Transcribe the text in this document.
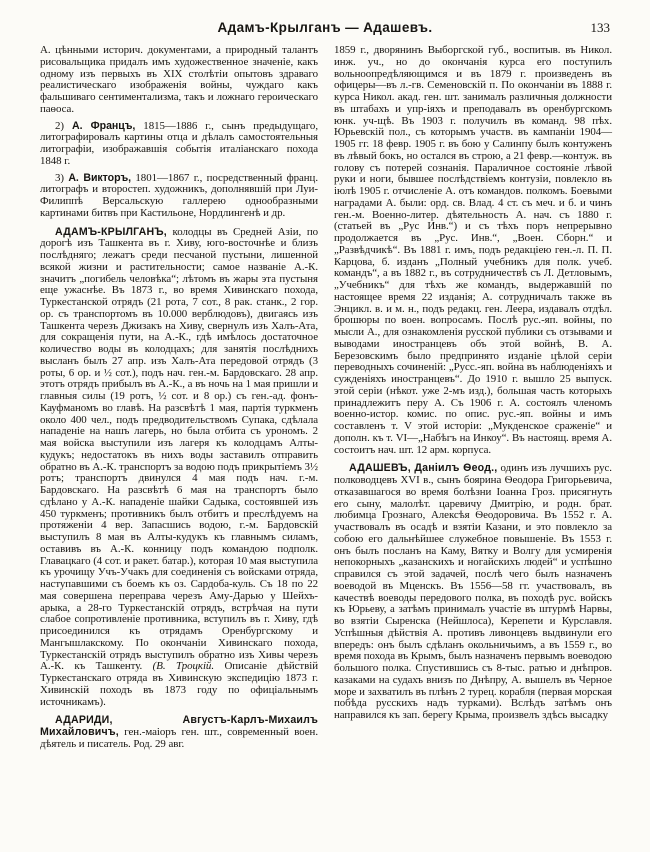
Адамъ-Крылганъ — Адашевъ.	133

А. цѣнными историч. документами, а природный талантъ рисовальщика придалъ имъ художественное значеніе, какъ одному изъ первыхъ въ XIX столѣтіи опытовъ здраваго реалистическаго изображенія войны, чуждаго какъ фальшиваго сентиментализма, такъ и ложнаго героическаго паѳоса.

2) А. Францъ, 1815—1886 г., сынъ предыдущаго, литографировалъ картины отца и дѣлалъ самостоятельныя литографіи, изображавшія событія италіанскаго похода 1848 г.

3) А. Викторъ, 1801—1867 г., посредственный франц. литографъ и второстеп. художникъ, дополнявшій при Луи-Филиппѣ Версальскую галлерею однообразными картинами битвъ при Кастильоне, Нордлингенѣ и др.

АДАМЪ-КРЫЛГАНЪ, колодцы въ Средней Азіи, по дорогѣ изъ Ташкента въ г. Хиву, юго-восточнѣе и близъ послѣдняго; лежатъ среди песчаной пустыни, лишенной всякой жизни и растительности; самое названіе А.-К. значитъ „погибель человѣка“; лѣтомъ въ жары эта пустыня еще ужаснѣе. Въ 1873 г., во время Хивинскаго похода, Туркестанской отрядъ (21 рота, 7 сот., 8 рак. станк., 2 гор. ор. съ транспортомъ въ 10.000 верблюдовъ), двигаясь изъ Ташкента черезъ Джизакъ на Хиву, свернулъ изъ Халъ-Ата, для сокращенія пути, на А.-К., гдѣ имѣлось достаточное количество воды въ колодцахъ; для занятія послѣднихъ высланъ былъ 27 апр. изъ Халъ-Ата передовой отрядъ (3 роты, 6 ор. и ½ сот.), подъ нач. ген.-м. Бардовскаго. 28 апр. этотъ отрядъ прибылъ въ А.-К., а въ ночь на 1 мая пришли и главныя силы (19 ротъ, ½ сот. и 8 ор.) съ ген.-ад. фонъ-Кауфманомъ во главѣ. На разсвѣтѣ 1 мая, партія туркменъ около 400 чел., подъ предводительствомъ Супака, сдѣлала нападеніе на нашъ лагерь, но была отбита съ урономъ. 2 мая войска выступили изъ лагеря къ колодцамъ Алты-кудукъ; недостатокъ въ нихъ воды заставилъ отправить обратно въ А.-К. транспортъ за водою подъ прикрытіемъ 3½ ротъ; транспортъ двинулся 4 мая подъ нач. г.-м. Бардовскаго. На разсвѣтѣ 6 мая на транспортъ было сдѣлано у А.-К. нападеніе шайки Садыка, состоявшей изъ 450 туркменъ; противникъ былъ отбитъ и преслѣдуемъ на протяженіи 4 вер. Запасшись водою, г.-м. Бардовскій выступилъ 8 мая въ Алты-кудукъ къ главнымъ силамъ, оставивъ въ А.-К. конницу подъ командою подполк. Главацкаго (4 сот. и ракет. батар.), которая 10 мая выступила къ урочищу Учъ-Учакъ для соединенія съ войсками отряда, наступавшими съ боемъ къ оз. Сардоба-куль. Съ 18 по 22 мая совершена переправа черезъ Аму-Дарью у Шейхъ-арыка, а 28-го Туркестанскій отрядъ, встрѣчая на пути слабое сопротивленіе противника, вступилъ въ г. Хиву, гдѣ присоединился къ отрядамъ Оренбургскому и Мангышлакскому. По окончаніи Хивинскаго похода, Туркестанскій отрядъ выступилъ обратно изъ Хивы черезъ А.-К. къ Ташкенту. (В. Троцкій. Описаніе дѣйствій Туркестанскаго отряда въ Хивинскую экспедицію 1873 г. Хивинскій походъ въ 1873 году по офиціальнымъ источникамъ).

АДАРИДИ, Августъ-Карлъ-Михаилъ Михайловичъ, ген.-маіоръ ген. шт., современный воен. дѣятель и писатель. Род. 29 авг.

1859 г., дворянинъ Выборгской губ., воспитыв. въ Никол. инж. уч., но до окончанія курса его поступилъ вольноопредѣляющимся и въ 1879 г. произведенъ въ офицеры—въ л.-гв. Семеновскій п. По окончаніи въ 1888 г. курса Никол. акад. ген. шт. занималъ различныя должности въ штабахъ и упр-іяхъ и преподавалъ въ оренбургскомъ юнк. уч-щѣ. Въ 1903 г. получилъ въ команд. 98 пѣх. Юрьевскій пол., съ которымъ участв. въ кампаніи 1904—1905 гг. 18 февр. 1905 г. въ бою у Салинпу былъ контуженъ въ лѣвый бокъ, но остался въ строю, а 21 февр.—контуж. въ голову съ потерей сознанія. Параличное состояніе лѣвой руки и ноги, бывшее послѣдствіемъ контузіи, повлекло въ іюлѣ 1905 г. отчисленіе А. отъ командов. полкомъ. Боевыми наградами А. были: орд. св. Влад. 4 ст. съ меч. и б. и чинъ ген.-м. Военно-литер. дѣятельность А. нач. съ 1880 г. (статьей въ „Рус Инв.“) и съ тѣхъ поръ непрерывно продолжается въ „Рус. Инв.“, „Воен. Сборн.“ и „Развѣдчикѣ“. Въ 1881 г. имъ, подъ редакціею ген.-л. П. П. Карцова, б. изданъ „Полный учебникъ для полк. учеб. командъ“, а въ 1882 г., въ сотрудничествѣ съ Л. Детловымъ, „Учебникъ“ для тѣхъ же командъ, выдержавшій по настоящее время 22 изданія; А. сотрудничалъ также въ Энцикл. в. и м. н., подъ редакц. ген. Леера, издавалъ отдѣл. брошюры по воен. вопросамъ. Послѣ рус.-яп. войны, по мысли А., для ознакомленія русской публики съ отзывами и выводами иностранцевъ объ этой войнѣ, В. А. Березовскимъ было предпринято изданіе цѣлой серіи переводныхъ сочиненій: „Русс.-яп. война въ наблюденіяхъ и сужденіяхъ иностранцевъ“. До 1910 г. вышло 25 выпуск. этой серіи (нѣкот. уже 2-мъ изд.), большая часть которыхъ принадлежитъ перу А. Съ 1906 г. А. состоялъ членомъ военно-истор. комис. по опис. рус.-яп. войны и имъ составленъ т. V этой исторіи: „Мукденское сраженіе“ и дополн. къ т. VI—„Набѣгъ на Инкоу“. Въ настоящ. время А. состоитъ нач. шт. 12 арм. корпуса.

АДАШЕВЪ, Даніилъ Ѳеод., одинъ изъ лучшихъ рус. полководцевъ XVI в., сынъ боярина Ѳеодора Григорьевича, отказавшагося во время болѣзни Іоанна Гроз. присягнуть его сыну, малолѣт. царевичу Дмитрію, и родн. брат. любимца Грознаго, Алексѣя Ѳеодоровича. Въ 1552 г. А. участвовалъ въ осадѣ и взятіи Казани, и это повлекло за собою его дальнѣйшее служебное повышеніе. Въ 1553 г. онъ былъ посланъ на Каму, Вятку и Волгу для усмиренія непокорныхъ „казанскихъ и ногайскихъ людей“ и успѣшно справился съ этой задачей, послѣ чего былъ назначенъ воеводой въ Мценскъ. Въ 1556—58 гг. участвовалъ, въ качествѣ воеводы передового полка, въ походѣ рус. войскъ къ Юрьеву, а затѣмъ принималъ участіе въ штурмѣ Нарвы, во взятіи Сыренска (Нейшлоса), Керепети и Курславля. Успѣшныя дѣйствія А. противъ ливонцевъ выдвинули его впередъ: онъ былъ сдѣланъ окольничьимъ, а въ 1559 г., во время похода въ Крымъ, былъ назначенъ первымъ воеводою большого полка. Спустившись съ 8-тыс. ратью и днѣпров. казаками на судахъ внизъ по Днѣпру, А. вышелъ въ Черное море и захватилъ въ плѣнъ 2 турец. корабля (первая морская побѣда русскихъ надъ турками). Вслѣдъ затѣмъ онъ направился къ зап. берегу Крыма, произвелъ здѣсь высадку
